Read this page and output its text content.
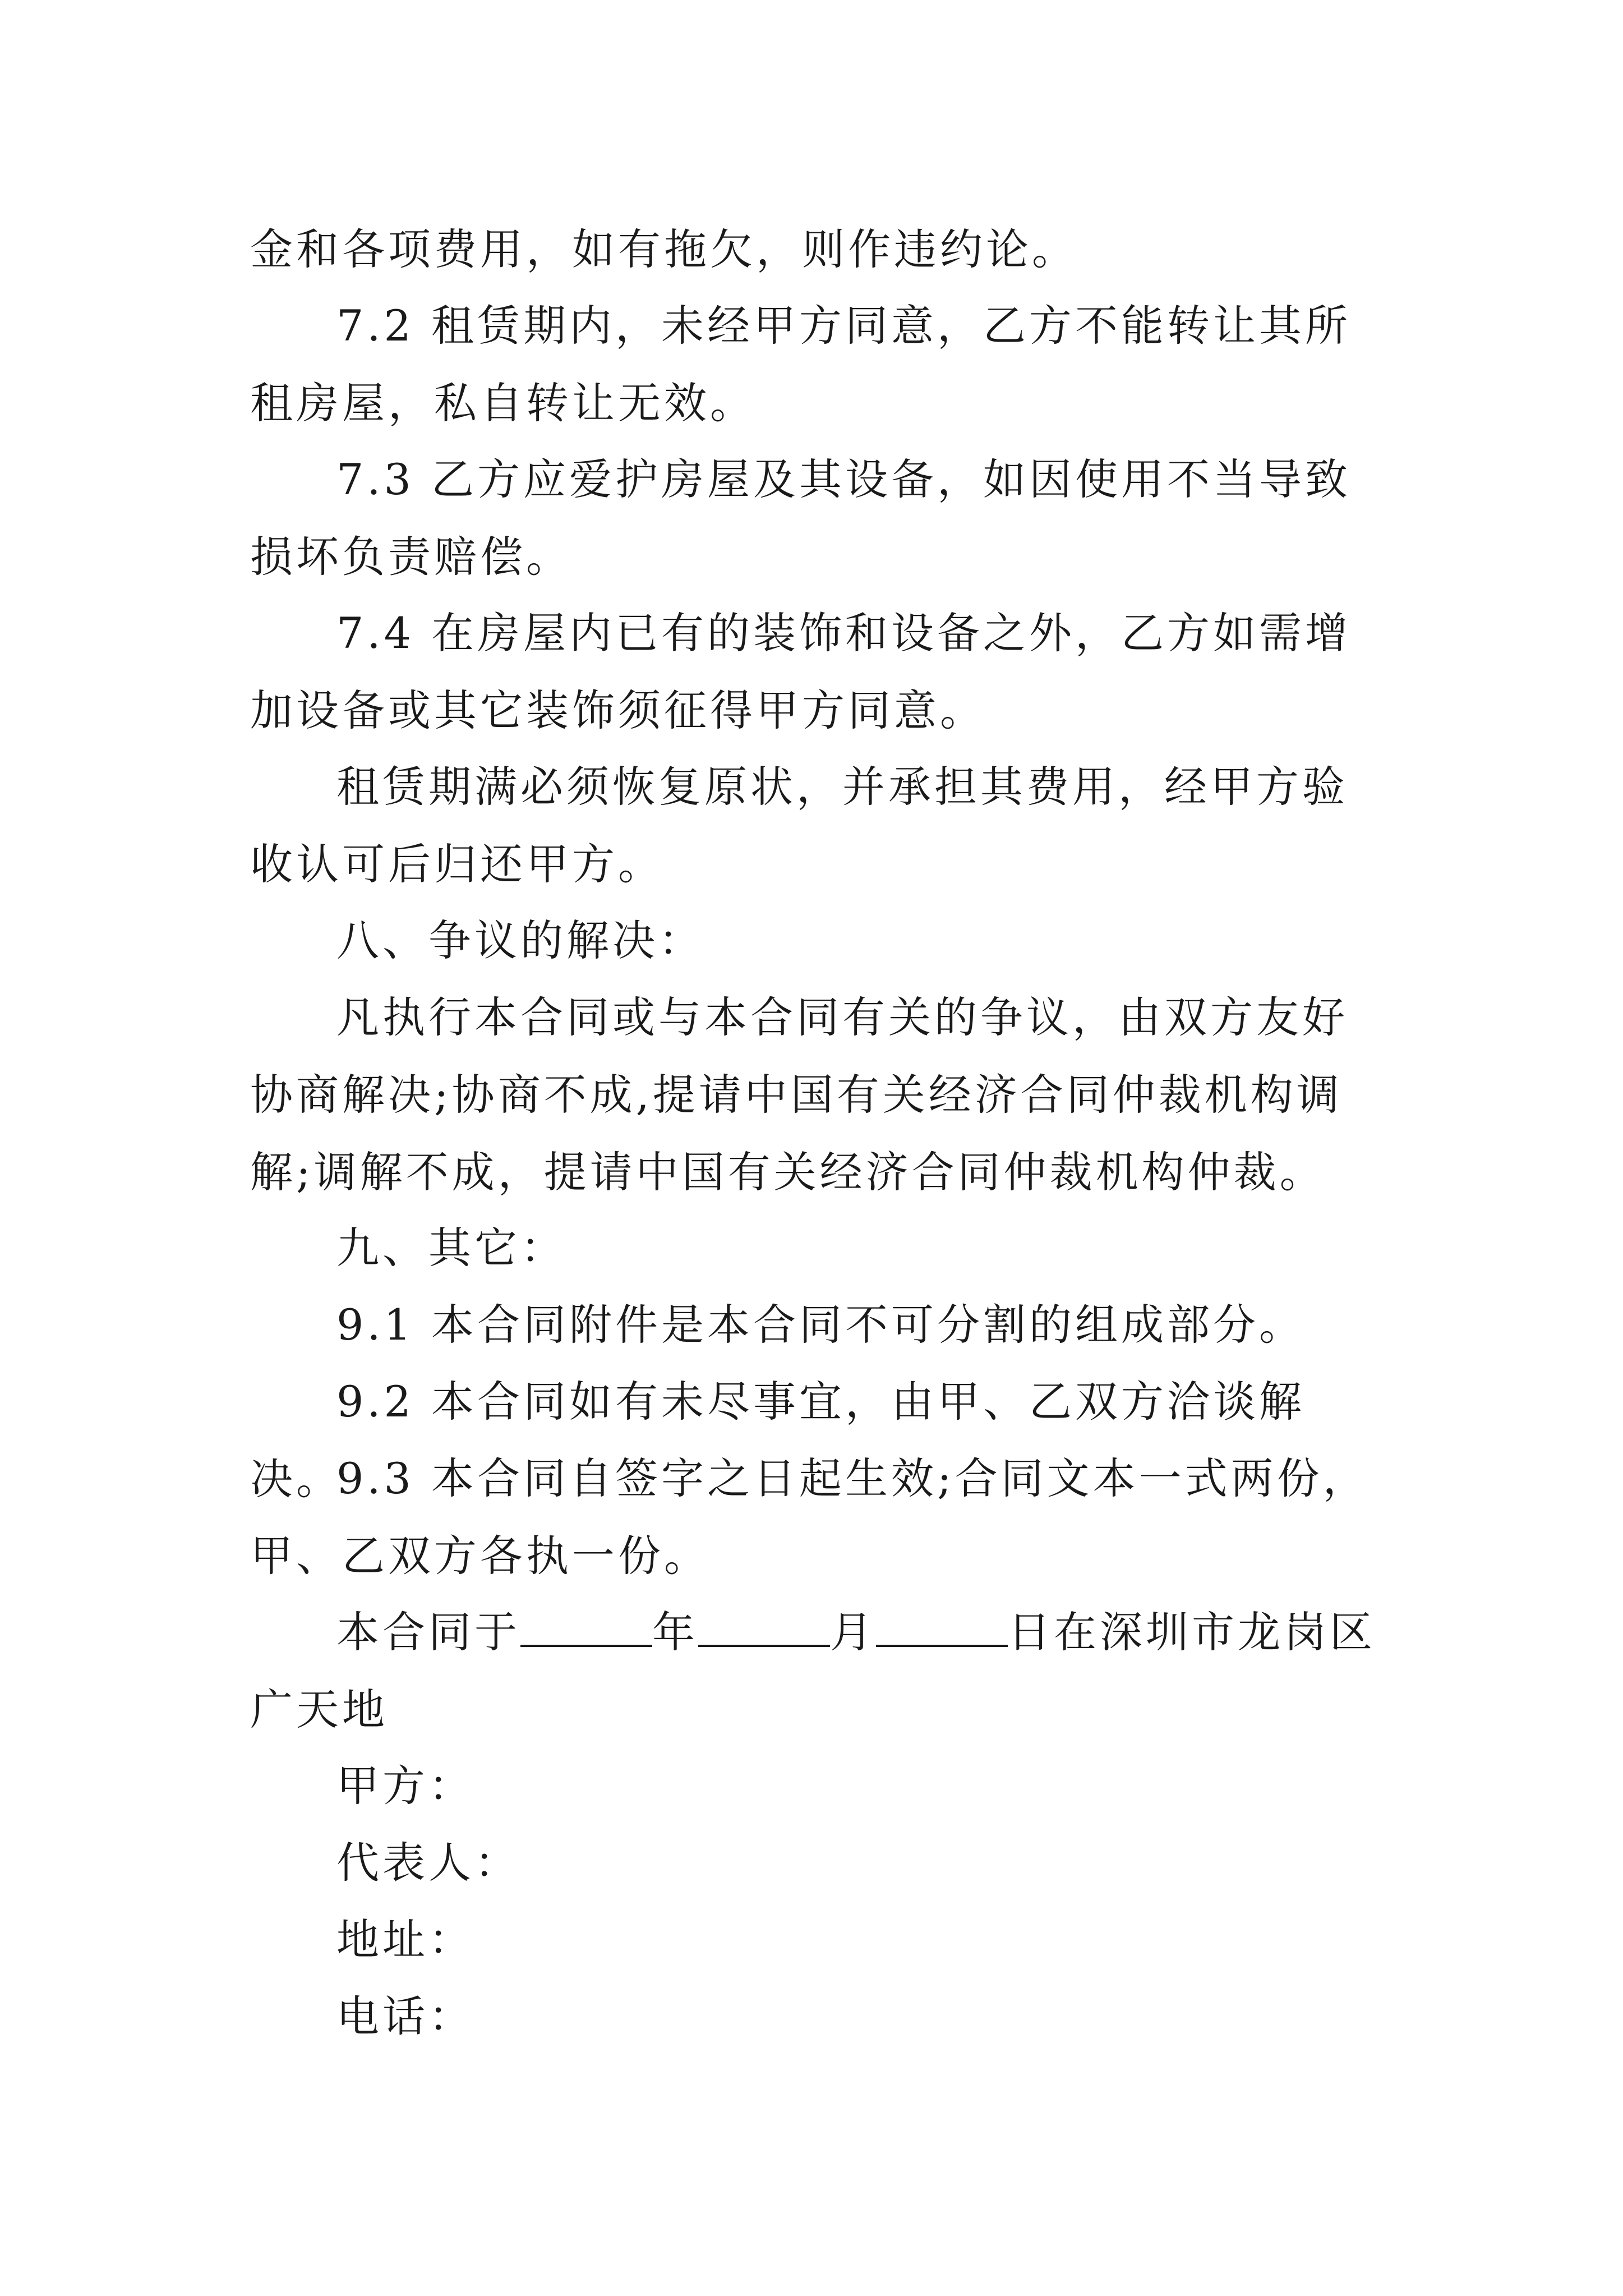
金和各项费用，如有拖欠，则作违约论。

7.2 租赁期内，未经甲方同意，乙方不能转让其所租房屋，私自转让无效。

7.3 乙方应爱护房屋及其设备，如因使用不当导致损坏负责赔偿。

7.4 在房屋内已有的装饰和设备之外，乙方如需增加设备或其它装饰须征得甲方同意。

租赁期满必须恢复原状，并承担其费用，经甲方验收认可后归还甲方。

八、争议的解决：

凡执行本合同或与本合同有关的争议，由双方友好协商解决;协商不成,提请中国有关经济合同仲裁机构调解;调解不成，提请中国有关经济合同仲裁机构仲裁。

九、其它：

9.1 本合同附件是本合同不可分割的组成部分。

9.2 本合同如有未尽事宜，由甲、乙双方洽谈解决。

9.3 本合同自签字之日起生效;合同文本一式两份，甲、乙双方各执一份。

本合同于	年	月	日在深圳市龙岗区广天地

甲方：

代表人：

地址：

电话：
